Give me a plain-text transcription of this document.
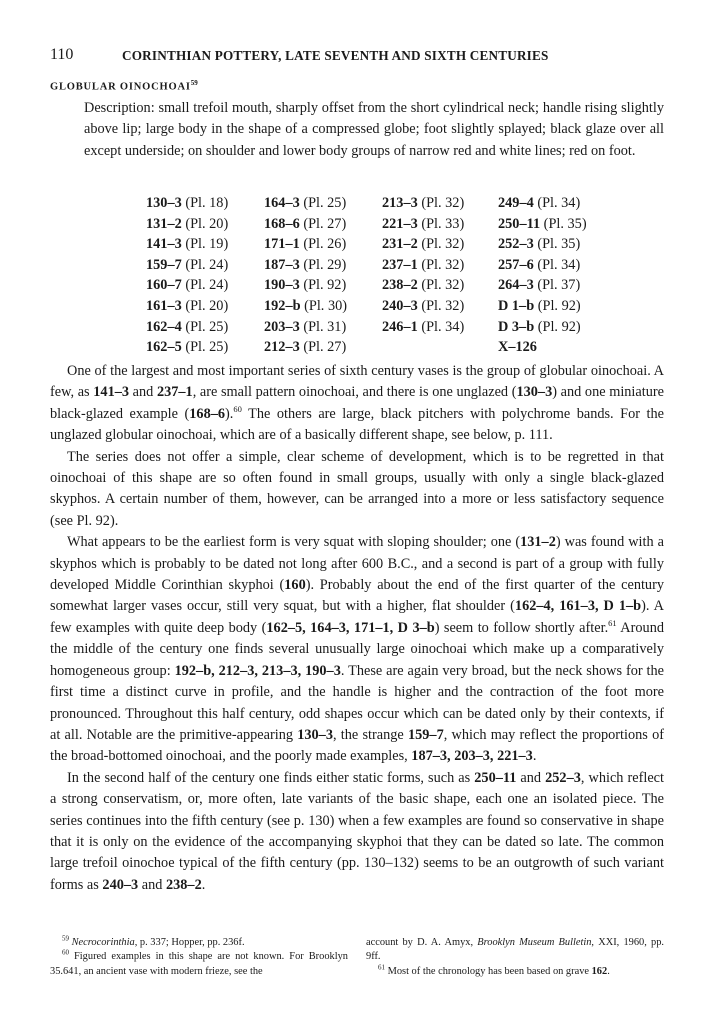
110	CORINTHIAN POTTERY, LATE SEVENTH AND SIXTH CENTURIES
GLOBULAR OINOCHOAI$^{59}$
Description: small trefoil mouth, sharply offset from the short cylindrical neck; handle rising slightly above lip; large body in the shape of a compressed globe; foot slightly splayed; black glaze over all except underside; on shoulder and lower body groups of narrow red and white lines; red on foot.
130–3 (Pl. 18)
131–2 (Pl. 20)
141–3 (Pl. 19)
159–7 (Pl. 24)
160–7 (Pl. 24)
161–3 (Pl. 20)
162–4 (Pl. 25)
162–5 (Pl. 25)
164–3 (Pl. 25)
168–6 (Pl. 27)
171–1 (Pl. 26)
187–3 (Pl. 29)
190–3 (Pl. 92)
192–b (Pl. 30)
203–3 (Pl. 31)
212–3 (Pl. 27)
213–3 (Pl. 32)
221–3 (Pl. 33)
231–2 (Pl. 32)
237–1 (Pl. 32)
238–2 (Pl. 32)
240–3 (Pl. 32)
246–1 (Pl. 34)
249–4 (Pl. 34)
250–11 (Pl. 35)
252–3 (Pl. 35)
257–6 (Pl. 34)
264–3 (Pl. 37)
D 1–b (Pl. 92)
D 3–b (Pl. 92)
X–126

One of the largest and most important series of sixth century vases is the group of globular oinochoai. A few, as 141–3 and 237–1, are small pattern oinochoai, and there is one unglazed (130–3) and one miniature black-glazed example (168–6).$^{60}$ The others are large, black pitchers with polychrome bands. For the unglazed globular oinochoai, which are of a basically different shape, see below, p. 111.

The series does not offer a simple, clear scheme of development, which is to be regretted in that oinochoai of this shape are so often found in small groups, usually with only a single black-glazed skyphos. A certain number of them, however, can be arranged into a more or less satisfactory sequence (see Pl. 92).

What appears to be the earliest form is very squat with sloping shoulder; one (131–2) was found with a skyphos which is probably to be dated not long after 600 B.C., and a second is part of a group with fully developed Middle Corinthian skyphoi (160). Probably about the end of the first quarter of the century somewhat larger vases occur, still very squat, but with a higher, flat shoulder (162–4, 161–3, D 1–b). A few examples with quite deep body (162–5, 164–3, 171–1, D 3–b) seem to follow shortly after.$^{61}$ Around the middle of the century one finds several unusually large oinochoai which make up a comparatively homogeneous group: 192–b, 212–3, 213–3, 190–3. These are again very broad, but the neck shows for the first time a distinct curve in profile, and the handle is higher and the contraction of the foot more pronounced. Throughout this half century, odd shapes occur which can be dated only by their contexts, if at all. Notable are the primitive-appearing 130–3, the strange 159–7, which may reflect the proportions of the broad-bottomed oinochoai, and the poorly made examples, 187–3, 203–3, 221–3.

In the second half of the century one finds either static forms, such as 250–11 and 252–3, which reflect a strong conservatism, or, more often, late variants of the basic shape, each one an isolated piece. The series continues into the fifth century (see p. 130) when a few examples are found so conservative in shape that it is only on the evidence of the accompanying skyphoi that they can be dated so late. The common large trefoil oinochoe typical of the fifth century (pp. 130–132) seems to be an outgrowth of such variant forms as 240–3 and 238–2.

$^{59}$ Necrocorinthia, p. 337; Hopper, pp. 236f.

$^{60}$ Figured examples in this shape are not known. For Brooklyn 35.641, an ancient vase with modern frieze, see the

account by D. A. Amyx, Brooklyn Museum Bulletin, XXI, 1960, pp. 9ff.

$^{61}$ Most of the chronology has been based on grave 162.
